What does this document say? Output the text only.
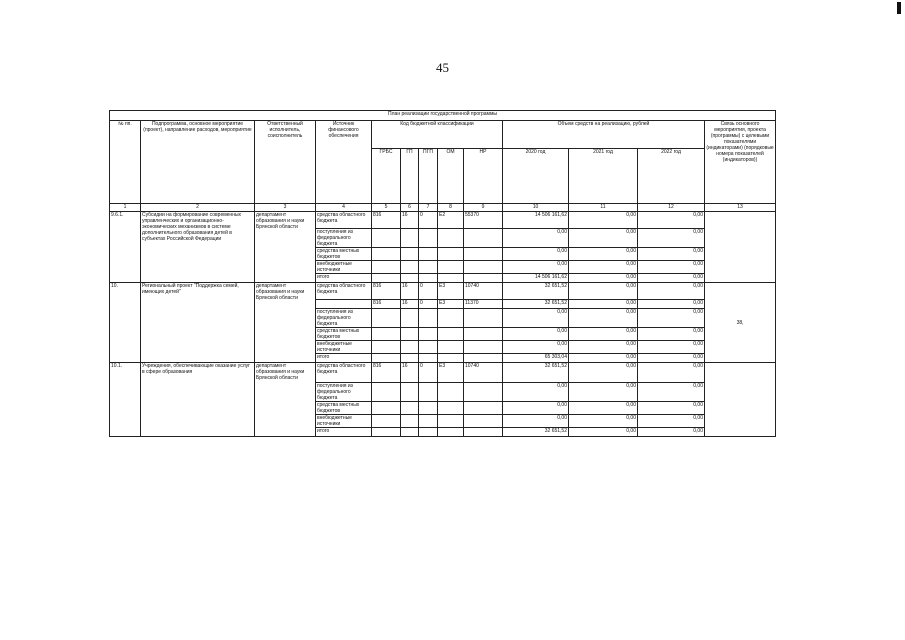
45
План реализации государственной программы												
№ пп.	Подпрограмма, основное мероприятие (проект), направление расходов, мероприятие	Ответственный исполнитель, соисполнитель	Источник финансового обеспечения	Код бюджетной классификации					Объем средств на реализацию, рублей			Связь основного мероприятия, проекта (программы) с целевыми показателями (индикаторами) (порядковые номера показателей (индикаторов))
				ГРБС	ГП	ПГП	ОМ	НР	2020 год	2021 год	2022 год	
1	2	3	4	5	6	7	8	9	10	11	12	13
9.6.1.	Субсидии на формирование современных управленческих и организационно-экономических механизмов в системе дополнительного образования детей в субъектах Российской Федерации	департамент образования и науки Брянской области	средства областного бюджета	816	16	0	E2	55370	14 506 161,62	0,00	0,00	
			поступления из федерального бюджета						0,00	0,00	0,00	
			средства местных бюджетов						0,00	0,00	0,00	
			внебюджетные источники						0,00	0,00	0,00	
			итого						14 506 161,62	0,00	0,00	
10.	Региональный проект "Поддержка семей, имеющих детей"	департамент образования и науки Брянской области	средства областного бюджета	816	16	0	E3	10740	32 651,52	0,00	0,00	38,
				816	16	0	E3	11370	32 651,52	0,00	0,00	
			поступления из федерального бюджета						0,00	0,00	0,00	
			средства местных бюджетов						0,00	0,00	0,00	
			внебюджетные источники						0,00	0,00	0,00	
			итого						65 303,04	0,00	0,00	
10.1.	Учреждения, обеспечивающие оказание услуг в сфере образования	департамент образования и науки Брянской области	средства областного бюджета	816	16	0	E3	10740	32 651,52	0,00	0,00	
			поступления из федерального бюджета						0,00	0,00	0,00	
			средства местных бюджетов						0,00	0,00	0,00	
			внебюджетные источники						0,00	0,00	0,00	
			итого						32 651,52	0,00	0,00	
